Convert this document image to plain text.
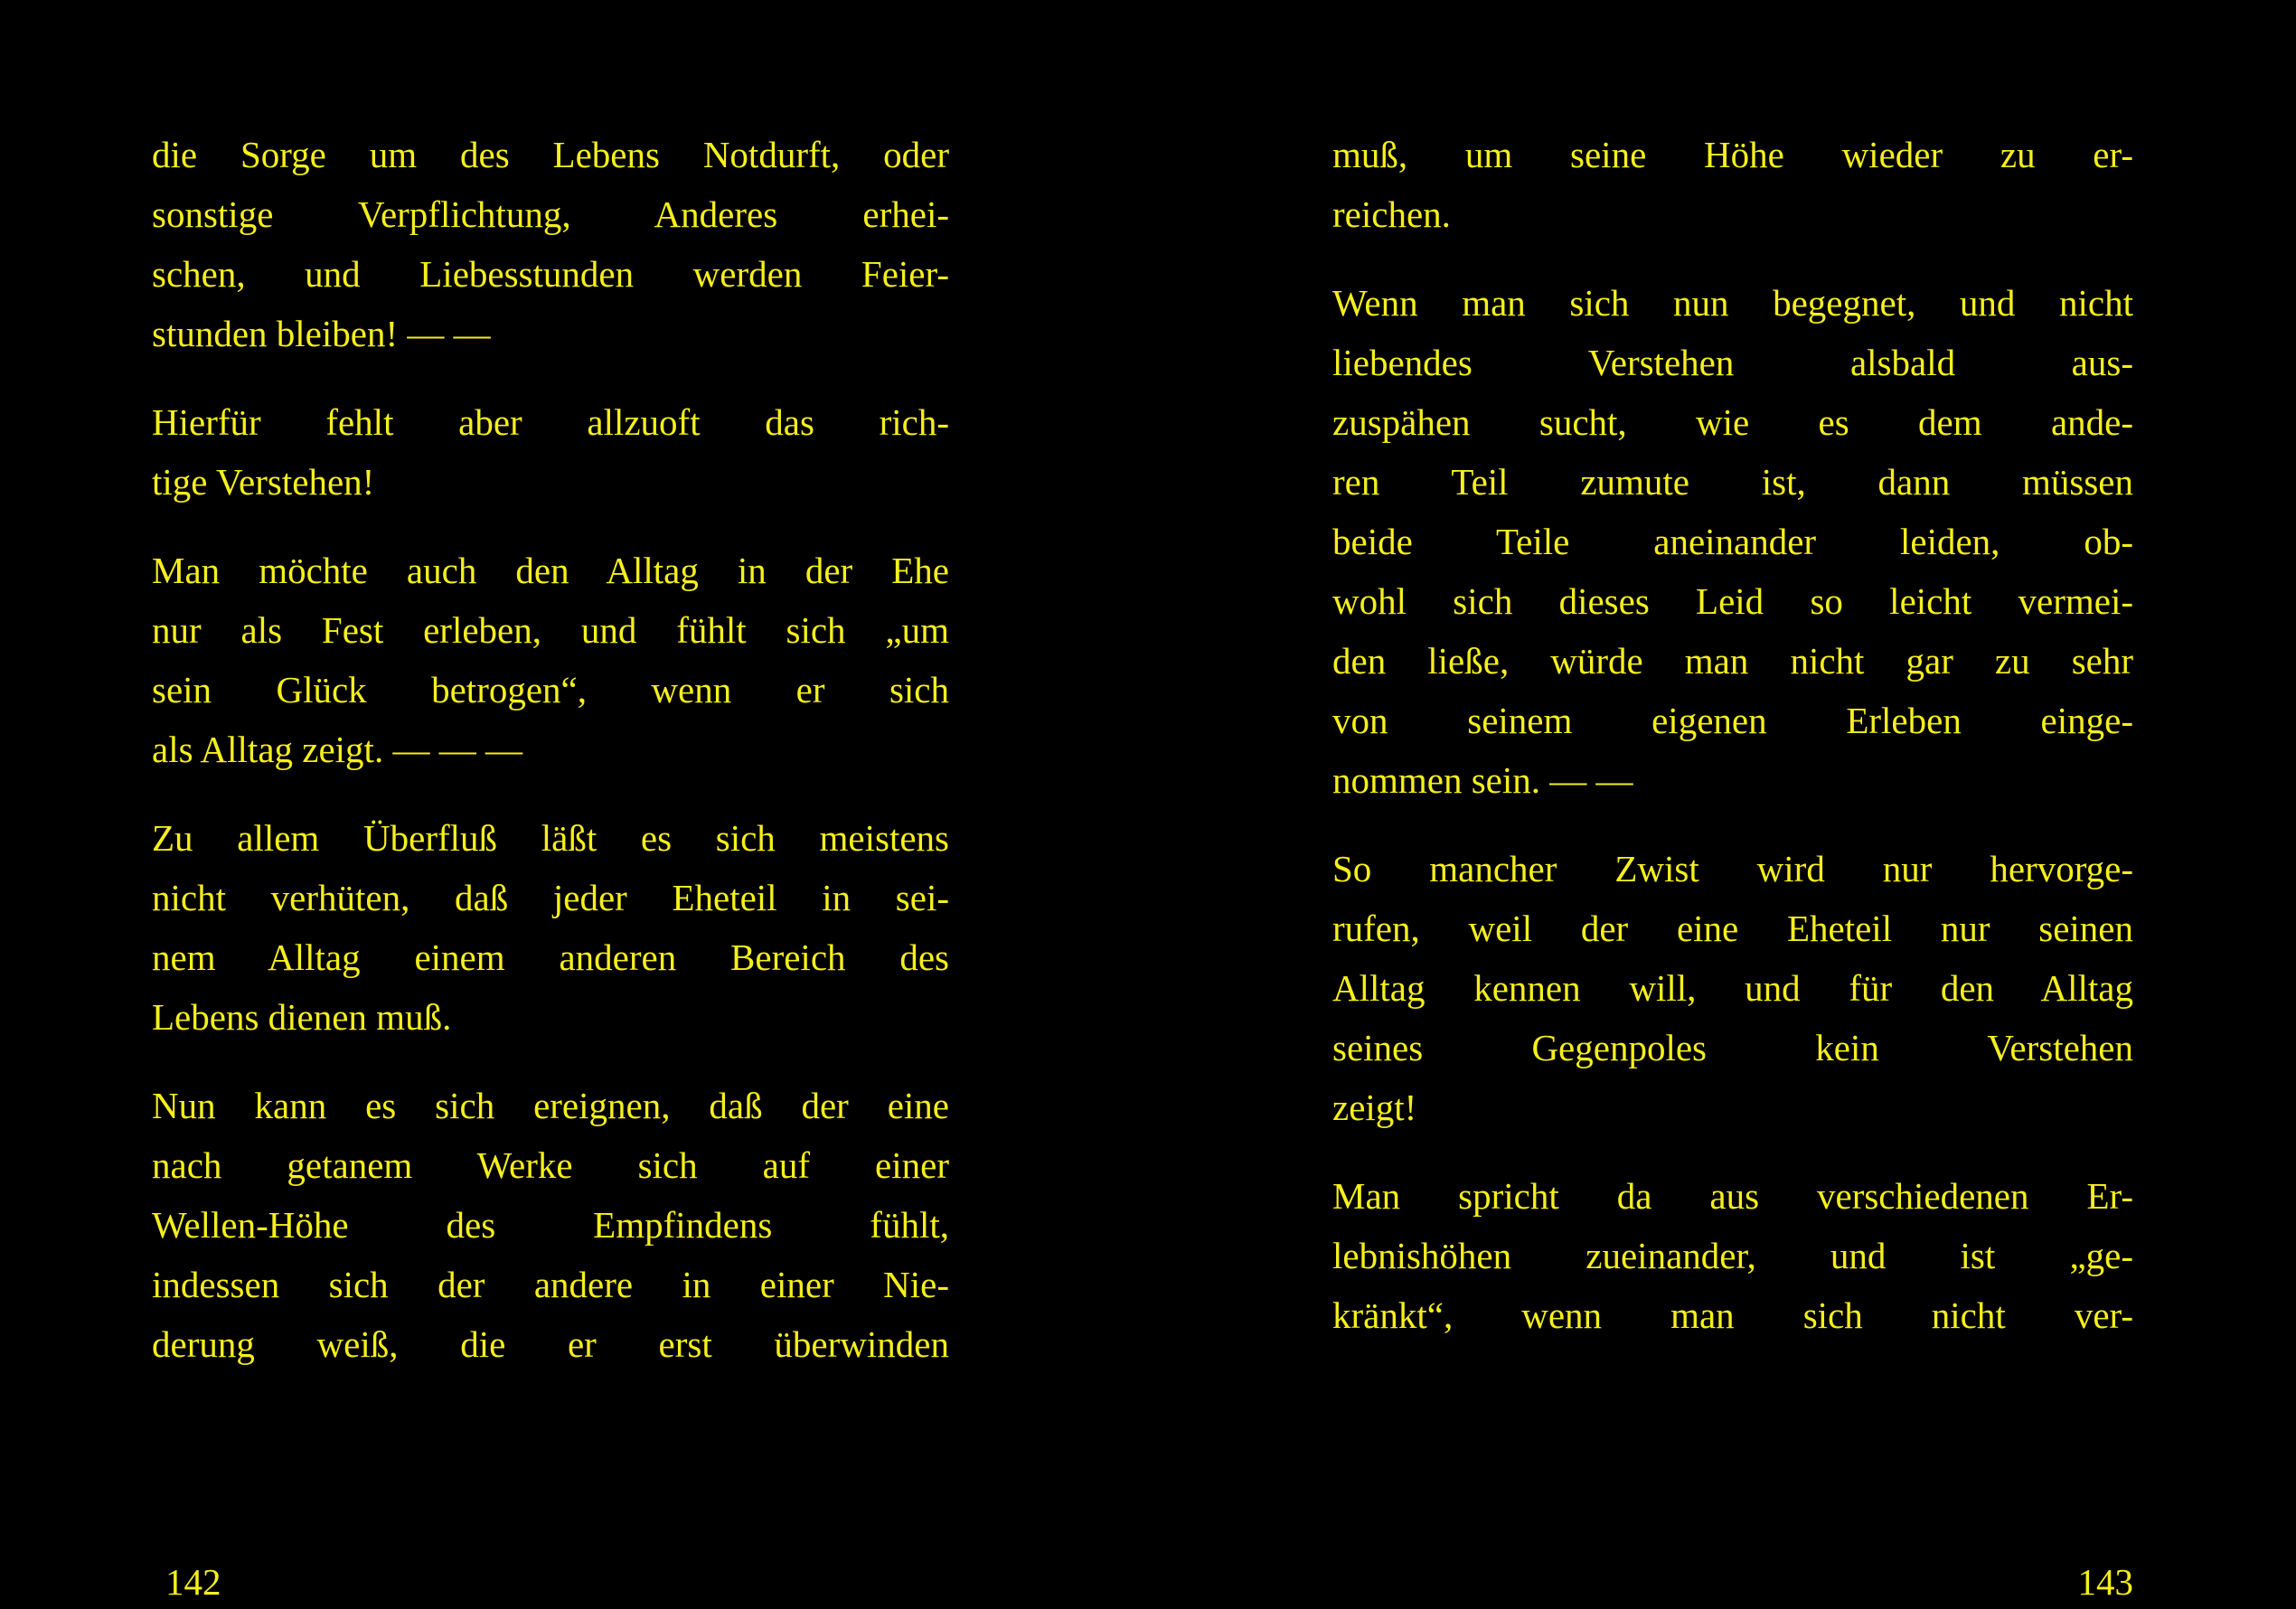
die Sorge um des Lebens Notdurft, oder
sonstige Verpflichtung, Anderes erhei-
schen, und Liebesstunden werden Feier-
stunden bleiben! — —

Hierfür fehlt aber allzuoft das rich-
tige Verstehen!

Man möchte auch den Alltag in der Ehe
nur als Fest erleben, und fühlt sich „um
sein Glück betrogen“, wenn er sich
als Alltag zeigt. — — —

Zu allem Überfluß läßt es sich meistens
nicht verhüten, daß jeder Eheteil in sei-
nem Alltag einem anderen Bereich des
Lebens dienen muß.

Nun kann es sich ereignen, daß der eine
nach getanem Werke sich auf einer
Wellen-Höhe des Empfindens fühlt,
indessen sich der andere in einer Nie-
derung weiß, die er erst überwinden

142

muß, um seine Höhe wieder zu er-
reichen.

Wenn man sich nun begegnet, und nicht
liebendes Verstehen alsbald aus-
zuspähen sucht, wie es dem ande-
ren Teil zumute ist, dann müssen
beide Teile aneinander leiden, ob-
wohl sich dieses Leid so leicht vermei-
den ließe, würde man nicht gar zu sehr
von seinem eigenen Erleben einge-
nommen sein. — —

So mancher Zwist wird nur hervorge-
rufen, weil der eine Eheteil nur seinen
Alltag kennen will, und für den Alltag
seines Gegenpoles kein Verstehen
zeigt!

Man spricht da aus verschiedenen Er-
lebnishöhen zueinander, und ist „ge-
kränkt“, wenn man sich nicht ver-

143
